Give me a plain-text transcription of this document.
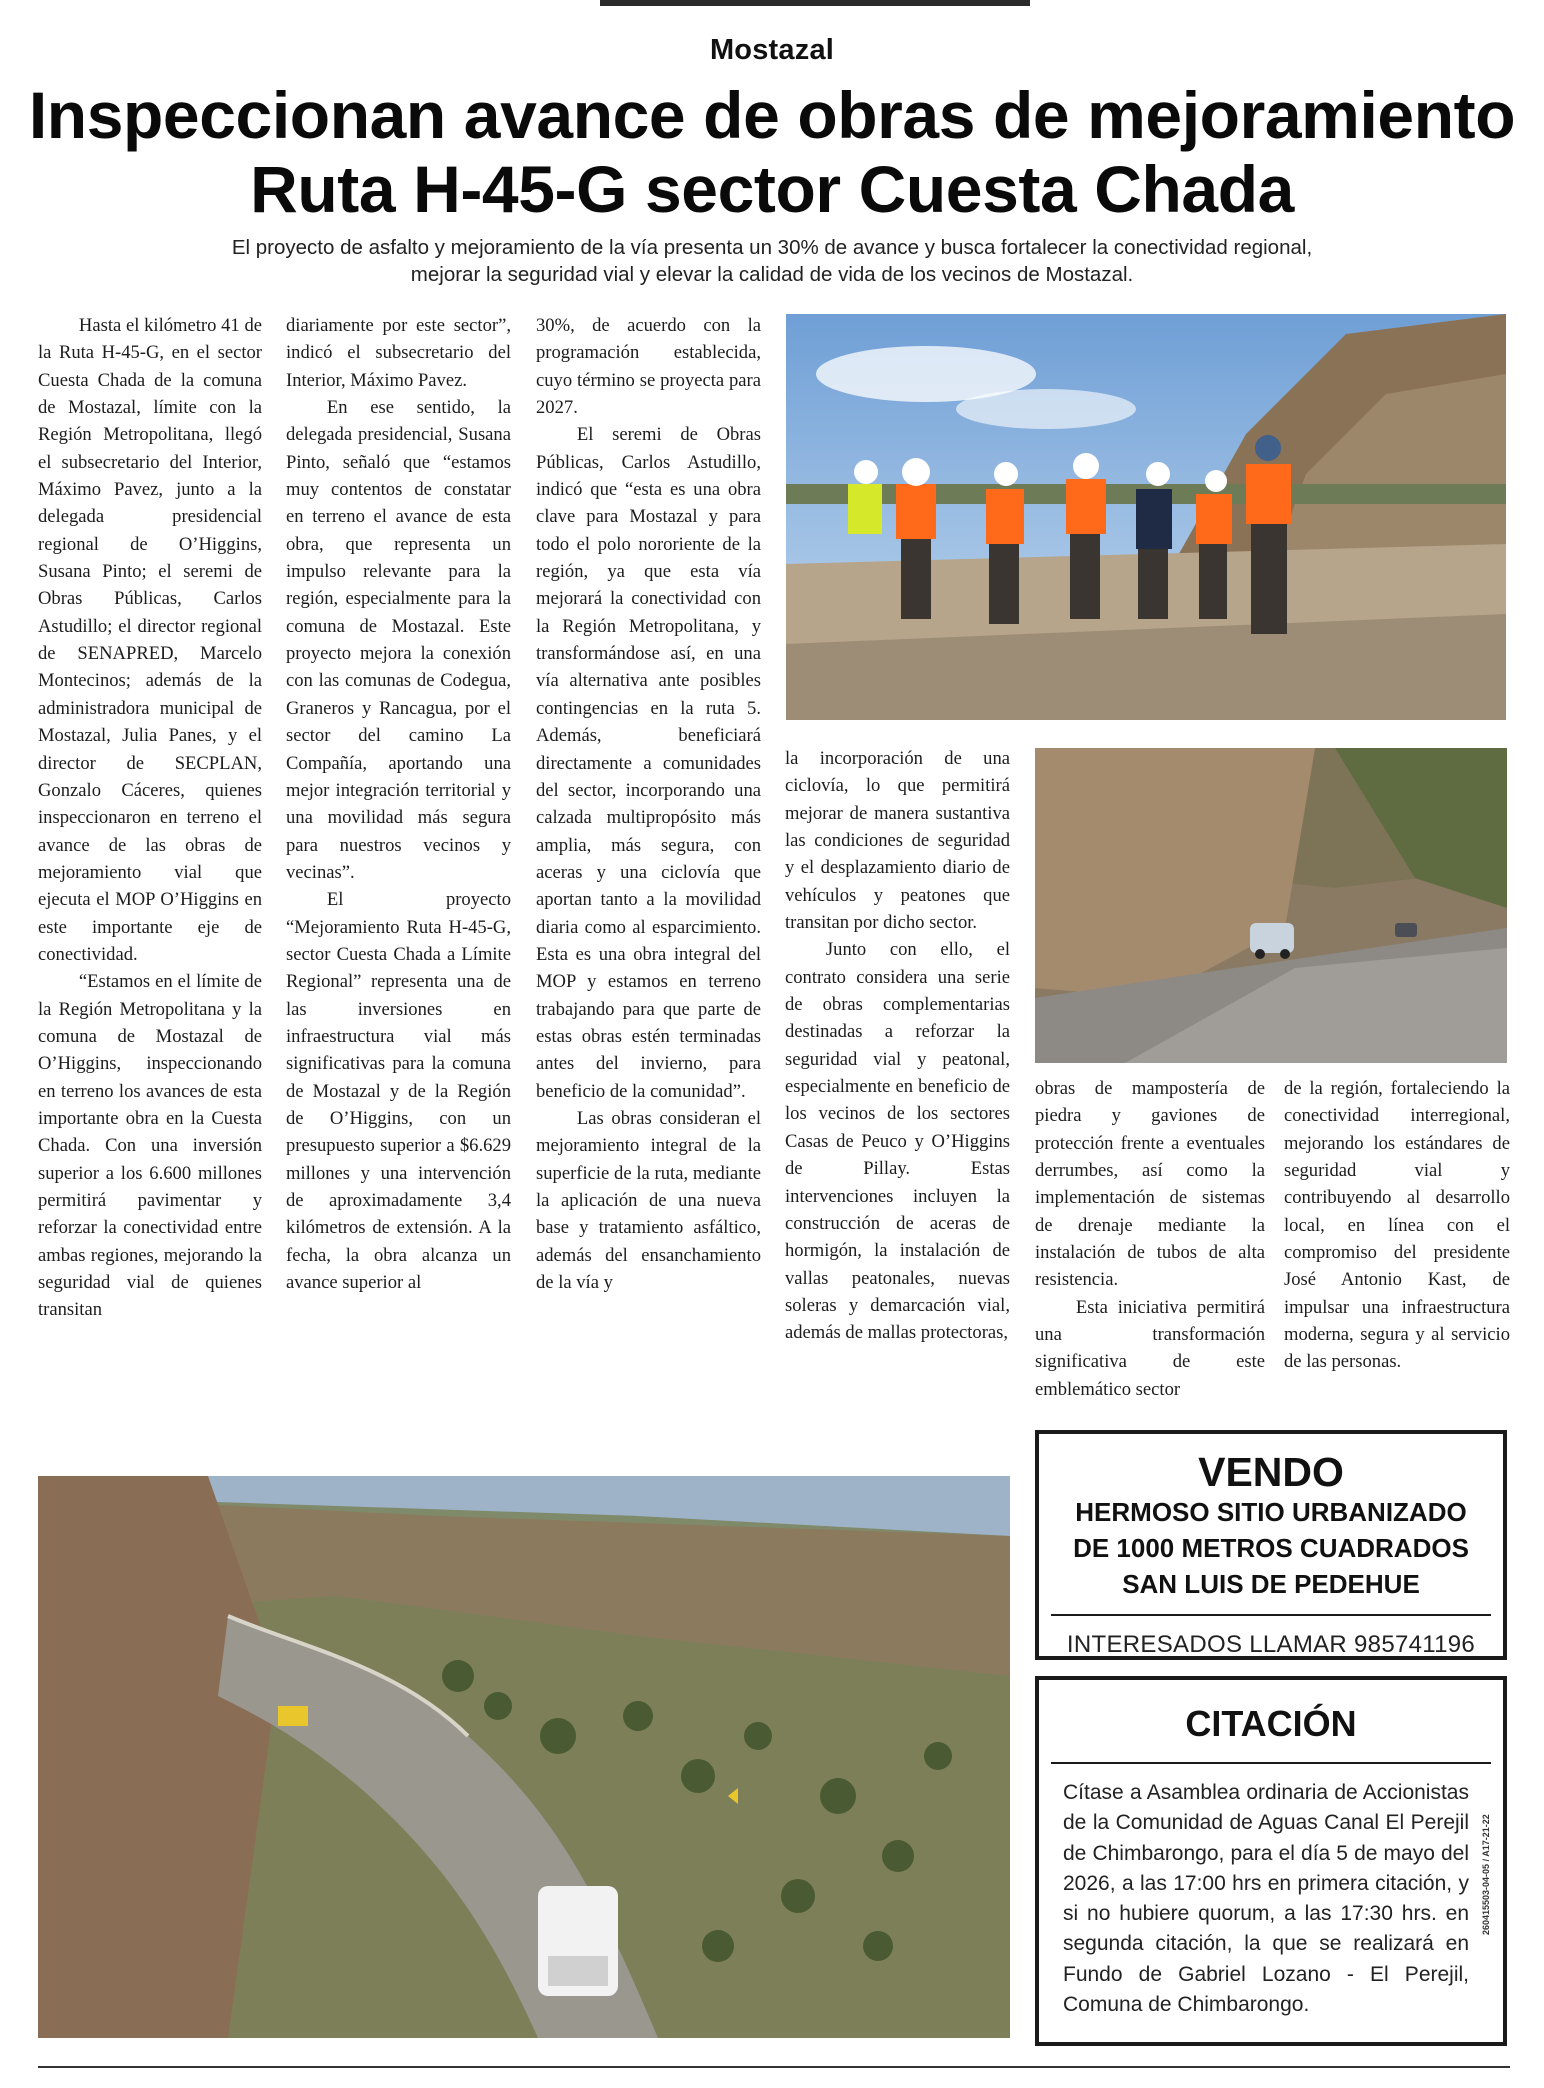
Mostazal
Inspeccionan avance de obras de mejoramiento
Ruta H-45-G sector Cuesta Chada
El proyecto de asfalto y mejoramiento de la vía presenta un 30% de avance y busca fortalecer la conectividad regional,
mejorar la seguridad vial y elevar la calidad de vida de los vecinos de Mostazal.

Hasta el kilómetro 41 de la Ruta H-45-G, en el sector Cuesta Chada de la comuna de Mostazal, límite con la Región Metropolitana, llegó el subsecretario del Interior, Máximo Pavez, junto a la delegada presidencial regional de O’Higgins, Susana Pinto; el seremi de Obras Públicas, Carlos Astudillo; el director regional de SENAPRED, Marcelo Montecinos; además de la administradora municipal de Mostazal, Julia Panes, y el director de SECPLAN, Gonzalo Cáceres, quienes inspeccionaron en terreno el avance de las obras de mejoramiento vial que ejecuta el MOP O’Higgins en este importante eje de conectividad.

“Estamos en el límite de la Región Metropolitana y la comuna de Mostazal de O’Higgins, inspeccionando en terreno los avances de esta importante obra en la Cuesta Chada. Con una inversión superior a los 6.600 millones permitirá pavimentar y reforzar la conectividad entre ambas regiones, mejorando la seguridad vial de quienes transitan

diariamente por este sector”, indicó el subsecretario del Interior, Máximo Pavez.

En ese sentido, la delegada presidencial, Susana Pinto, señaló que “estamos muy contentos de constatar en terreno el avance de esta obra, que representa un impulso relevante para la región, especialmente para la comuna de Mostazal. Este proyecto mejora la conexión con las comunas de Codegua, Graneros y Rancagua, por el sector del camino La Compañía, aportando una mejor integración territorial y una movilidad más segura para nuestros vecinos y vecinas”.

El proyecto “Mejoramiento Ruta H-45-G, sector Cuesta Chada a Límite Regional” representa una de las inversiones en infraestructura vial más significativas para la comuna de Mostazal y de la Región de O’Higgins, con un presupuesto superior a $6.629 millones y una intervención de aproximadamente 3,4 kilómetros de extensión. A la fecha, la obra alcanza un avance superior al

30%, de acuerdo con la programación establecida, cuyo término se proyecta para 2027.

El seremi de Obras Públicas, Carlos Astudillo, indicó que “esta es una obra clave para Mostazal y para todo el polo nororiente de la región, ya que esta vía mejorará la conectividad con la Región Metropolitana, y transformándose así, en una vía alternativa ante posibles contingencias en la ruta 5. Además, beneficiará directamente a comunidades del sector, incorporando una calzada multipropósito más amplia, más segura, con aceras y una ciclovía que aportan tanto a la movilidad diaria como al esparcimiento. Esta es una obra integral del MOP y estamos en terreno trabajando para que parte de estas obras estén terminadas antes del invierno, para beneficio de la comunidad”.

Las obras consideran el mejoramiento integral de la superficie de la ruta, mediante la aplicación de una nueva base y tratamiento asfáltico, además del ensanchamiento de la vía y

la incorporación de una ciclovía, lo que permitirá mejorar de manera sustantiva las condiciones de seguridad y el desplazamiento diario de vehículos y peatones que transitan por dicho sector.

Junto con ello, el contrato considera una serie de obras complementarias destinadas a reforzar la seguridad vial y peatonal, especialmente en beneficio de los vecinos de los sectores Casas de Peuco y O’Higgins de Pillay. Estas intervenciones incluyen la construcción de aceras de hormigón, la instalación de vallas peatonales, nuevas soleras y demarcación vial, además de mallas protectoras,

obras de mampostería de piedra y gaviones de protección frente a eventuales derrumbes, así como la implementación de sistemas de drenaje mediante la instalación de tubos de alta resistencia.

Esta iniciativa permitirá una transformación significativa de este emblemático sector

de la región, fortaleciendo la conectividad interregional, mejorando los estándares de seguridad vial y contribuyendo al desarrollo local, en línea con el compromiso del presidente José Antonio Kast, de impulsar una infraestructura moderna, segura y al servicio de las personas.

VENDO
HERMOSO SITIO URBANIZADO
DE 1000 METROS CUADRADOS
SAN LUIS DE PEDEHUE
INTERESADOS LLAMAR 985741196
CITACIÓN
Cítase a Asamblea ordinaria de Accionistas de la Comunidad de Aguas Canal El Perejil de Chimbarongo, para el día 5 de mayo del 2026, a las 17:00 hrs en primera citación, y si no hubiere quorum, a las 17:30 hrs. en segunda citación, la que se realizará en Fundo de Gabriel Lozano - El Perejil, Comuna de Chimbarongo.
260415503-04-05 / A17-21-22
